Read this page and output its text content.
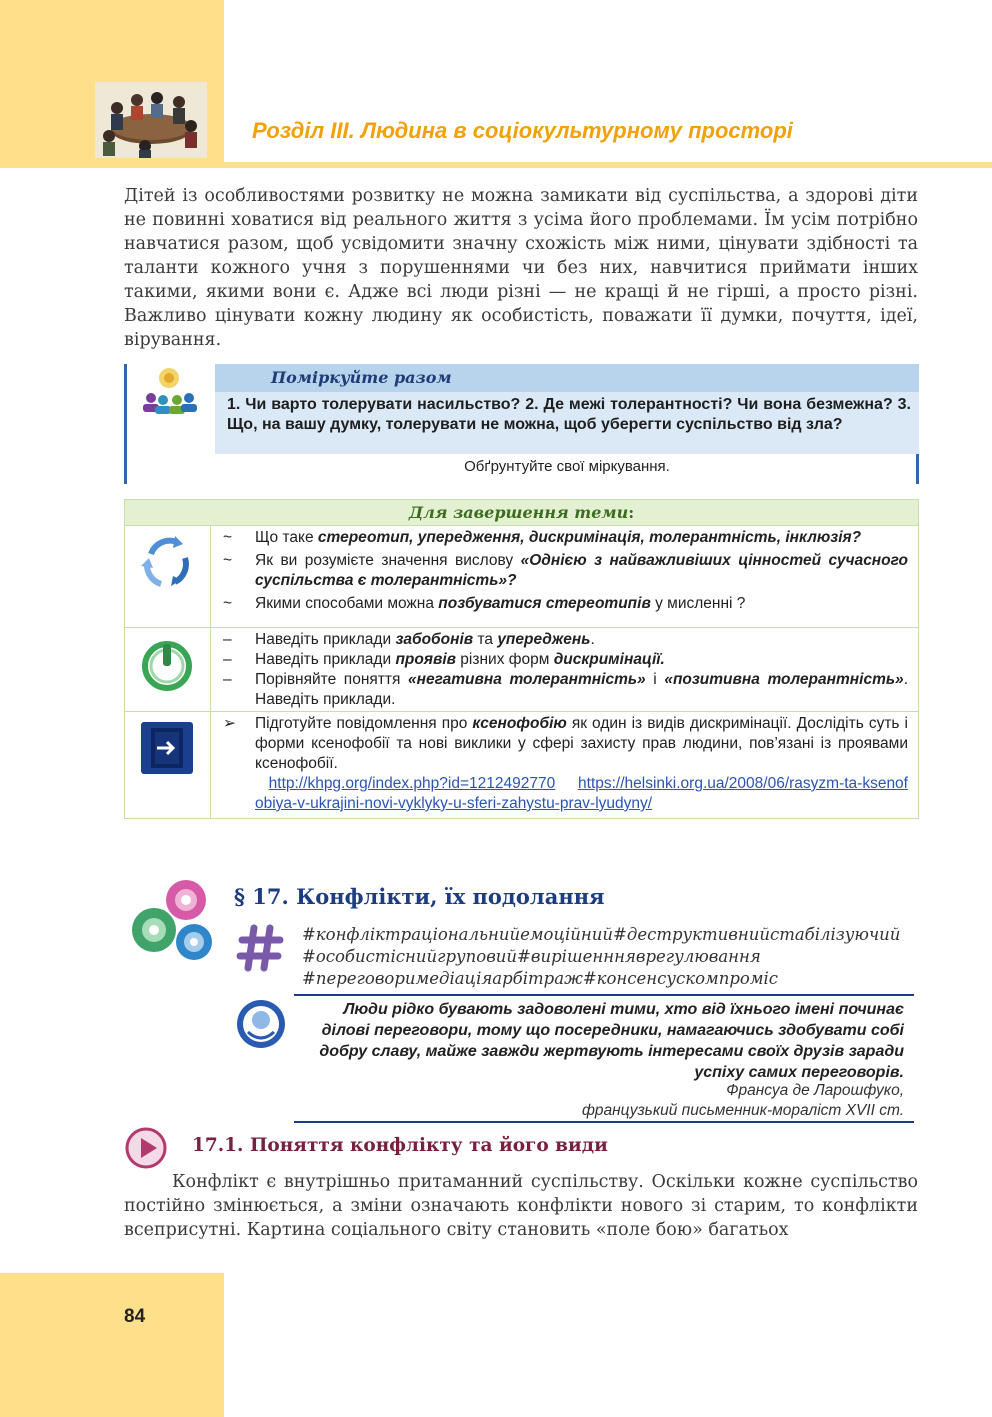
Розділ ІІІ. Людина в соціокультурному просторі

Дітей із особливостями розвитку не можна замикати від суспільства, а здорові діти не повинні ховатися від реального життя з усіма його проблемами. Їм усім потрібно навчатися разом, щоб усвідомити значну схожість між ними, цінувати здібності та таланти кожного учня з порушеннями чи без них, навчитися приймати інших такими, якими вони є. Адже всі люди різні — не кращі й не гірші, а просто різні. Важливо цінувати кожну людину як особистість, поважати її думки, почуття, ідеї, вірування.

Поміркуйте разом

1. Чи варто толерувати насильство? 2. Де межі толерантності? Чи вона безмежна? 3. Що, на вашу думку, толерувати не можна, щоб уберегти суспільство від зла?

Обґрунтуйте свої міркування.

Для завершення теми:
~ Що таке стереотип, упередження, дискримінація, толерантність, інклюзія?
~ Як ви розумієте значення вислову «Однією з найважливіших цінностей сучасного суспільства є толерантність»?
~ Якими способами можна позбуватися стереотипів у мисленні ?
– Наведіть приклади забобонів та упереджень.
– Наведіть приклади проявів різних форм дискримінації.
– Порівняйте поняття «негативна толерантність» і «позитивна толерантність». Наведіть приклади.
➢ Підготуйте повідомлення про ксенофобію як один із видів дискримінації. Дослідіть суть і форми ксенофобії та нові виклики у сфері захисту прав людини, пов’язані із проявами ксенофобії.
http://khpg.org/index.php?id=1212492770 https://helsinki.org.ua/2008/06/rasyzm-ta-ksenofobiya-v-ukrajini-novi-vyklyky-u-sferi-zahystu-prav-lyudyny/
§ 17. Конфлікти, їх подолання
#конфліктраціональнийемоційний#деструктивнийстабілізуючий
#особистіснийгруповий#вирішеннняврегулювання
#переговоримедіаціяарбітраж#консенсускомпроміс

Люди рідко бувають задоволені тими, хто від їхнього імені починає ділові переговори, тому що посередники, намагаючись здобувати собі добру славу, майже завжди жертвують інтересами своїх друзів заради успіху самих переговорів.

Франсуа де Ларошфуко,
французький письменник-мораліст XVII ст.
17.1. Поняття конфлікту та його види

Конфлікт є внутрішньо притаманний суспільству. Оскільки кожне суспільство постійно змінюється, а зміни означають конфлікти нового зі старим, то конфлікти всеприсутні. Картина соціального світу становить «поле бою» багатьох

84
